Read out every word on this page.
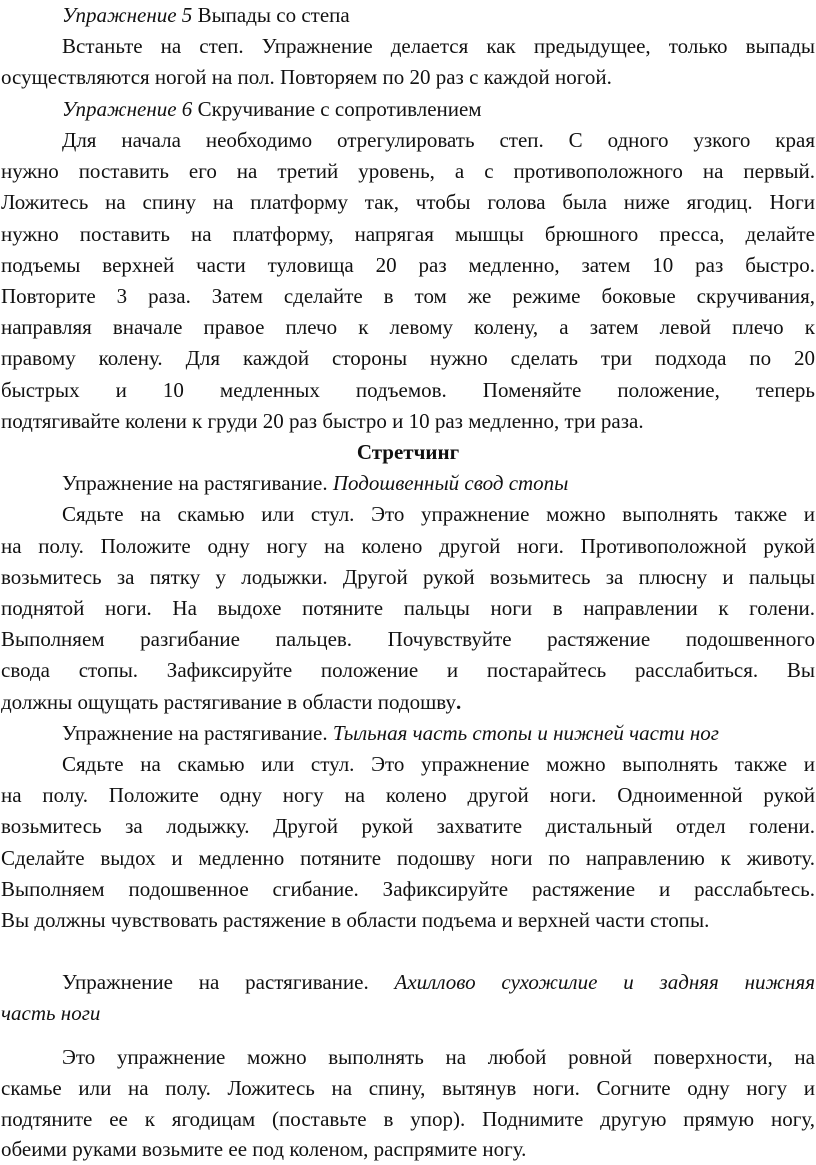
Упражнение 5 Выпады со степа
Встаньте на степ. Упражнение делается как предыдущее, только выпады
осуществляются ногой на пол. Повторяем по 20 раз с каждой ногой.
Упражнение 6 Скручивание с сопротивлением
Для начала необходимо отрегулировать степ. С одного узкого края
нужно поставить его на третий уровень, а с противоположного на первый.
Ложитесь на спину на платформу так, чтобы голова была ниже ягодиц. Ноги
нужно поставить на платформу, напрягая мышцы брюшного пресса, делайте
подъемы верхней части туловища 20 раз медленно, затем 10 раз быстро.
Повторите 3 раза. Затем сделайте в том же режиме боковые скручивания,
направляя вначале правое плечо к левому колену, а затем левой плечо к
правому колену. Для каждой стороны нужно сделать три подхода по 20
быстрых и 10 медленных подъемов. Поменяйте положение, теперь
подтягивайте колени к груди 20 раз быстро и 10 раз медленно, три раза.
Стретчинг
Упражнение на растягивание. Подошвенный свод стопы
Сядьте на скамью или стул. Это упражнение можно выполнять также и
на полу. Положите одну ногу на колено другой ноги. Противоположной рукой
возьмитесь за пятку у лодыжки. Другой рукой возьмитесь за плюсну и пальцы
поднятой ноги. На выдохе потяните пальцы ноги в направлении к голени.
Выполняем разгибание пальцев. Почувствуйте растяжение подошвенного
свода стопы. Зафиксируйте положение и постарайтесь расслабиться. Вы
должны ощущать растягивание в области подошву.
Упражнение на растягивание. Тыльная часть стопы и нижней части ног
Сядьте на скамью или стул. Это упражнение можно выполнять также и
на полу. Положите одну ногу на колено другой ноги. Одноименной рукой
возьмитесь за лодыжку. Другой рукой захватите дистальный отдел голени.
Сделайте выдох и медленно потяните подошву ноги по направлению к животу.
Выполняем подошвенное сгибание. Зафиксируйте растяжение и расслабьтесь.
Вы должны чувствовать растяжение в области подъема и верхней части стопы.
Упражнение на растягивание. Ахиллово сухожилие и задняя нижняя
часть ноги
Это упражнение можно выполнять на любой ровной поверхности, на
скамье или на полу. Ложитесь на спину, вытянув ноги. Согните одну ногу и
подтяните ее к ягодицам (поставьте в упор). Поднимите другую прямую ногу,
обеими руками возьмите ее под коленом, распрямите ногу.
